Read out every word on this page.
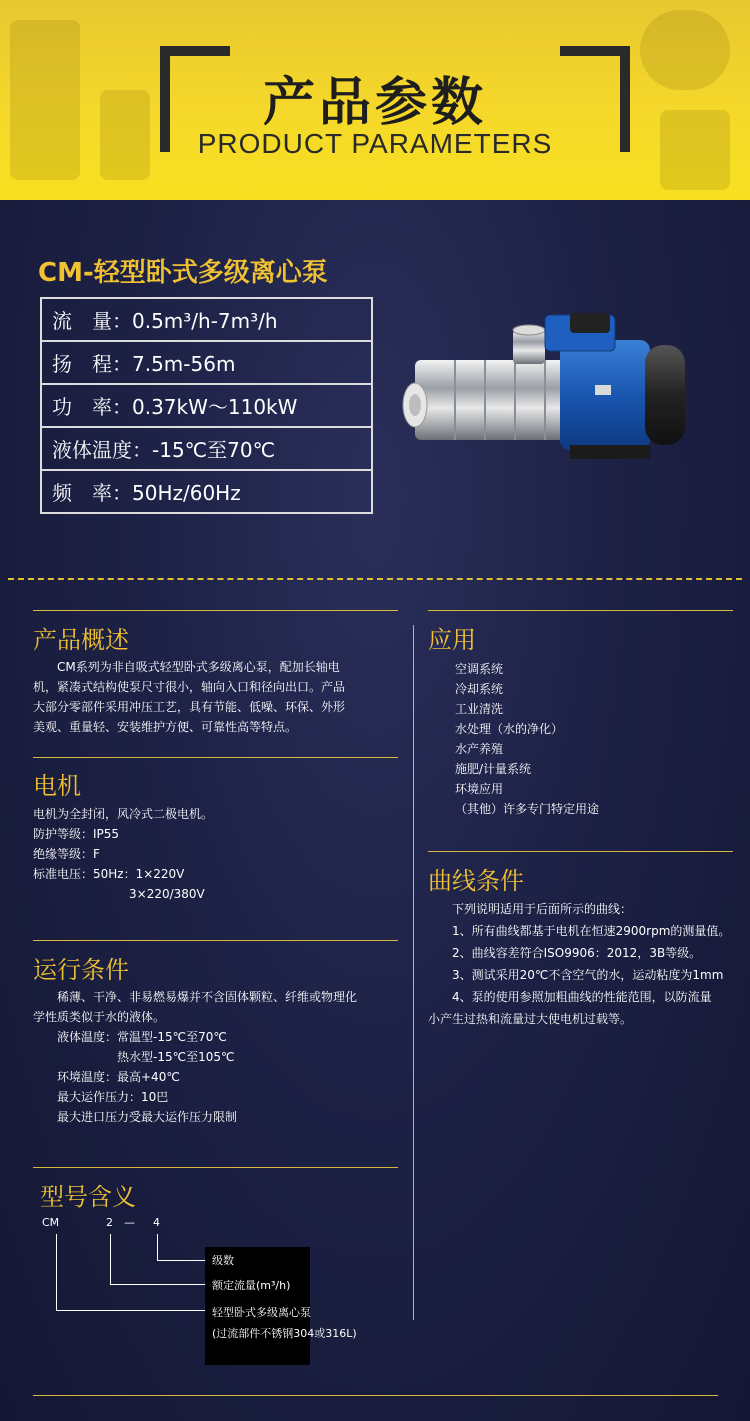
产品参数
PRODUCT PARAMETERS
CM-轻型卧式多级离心泵
流　量：0.5m³/h-7m³/h
扬　程：7.5m-56m
功　率：0.37kW～110kW
液体温度：-15℃至70℃
频　率：50Hz/60Hz
产品概述
　　CM系列为非自吸式轻型卧式多级离心泵，配加长轴电
机，紧凑式结构使泵尺寸很小，轴向入口和径向出口。产品
大部分零部件采用冲压工艺，具有节能、低噪、环保、外形
美观、重量轻、安装维护方便、可靠性高等特点。
电机
电机为全封闭，风冷式二极电机。
防护等级：IP55
绝缘等级：F
标准电压：50Hz：1×220V
　　　　　　　　3×220/380V
运行条件
　　稀薄、干净、非易燃易爆并不含固体颗粒、纤维或物理化
学性质类似于水的液体。
　　液体温度：常温型-15℃至70℃
　　　　　　　热水型-15℃至105℃
　　环境温度：最高+40℃
　　最大运作压力：10巴
　　最大进口压力受最大运作压力限制
型号含义
CM	2 — 4
级数
额定流量(m³/h)
轻型卧式多级离心泵
(过流部件不锈钢304或316L)
应用
空调系统
冷却系统
工业清洗
水处理（水的净化）
水产养殖
施肥/计量系统
环境应用
（其他）许多专门特定用途
曲线条件
　　下列说明适用于后面所示的曲线：
　　1、所有曲线都基于电机在恒速2900rpm的测量值。
　　2、曲线容差符合ISO9906：2012，3B等级。
　　3、测试采用20℃不含空气的水，运动粘度为1mm
　　4、泵的使用参照加粗曲线的性能范围，以防流量
小产生过热和流量过大使电机过载等。
